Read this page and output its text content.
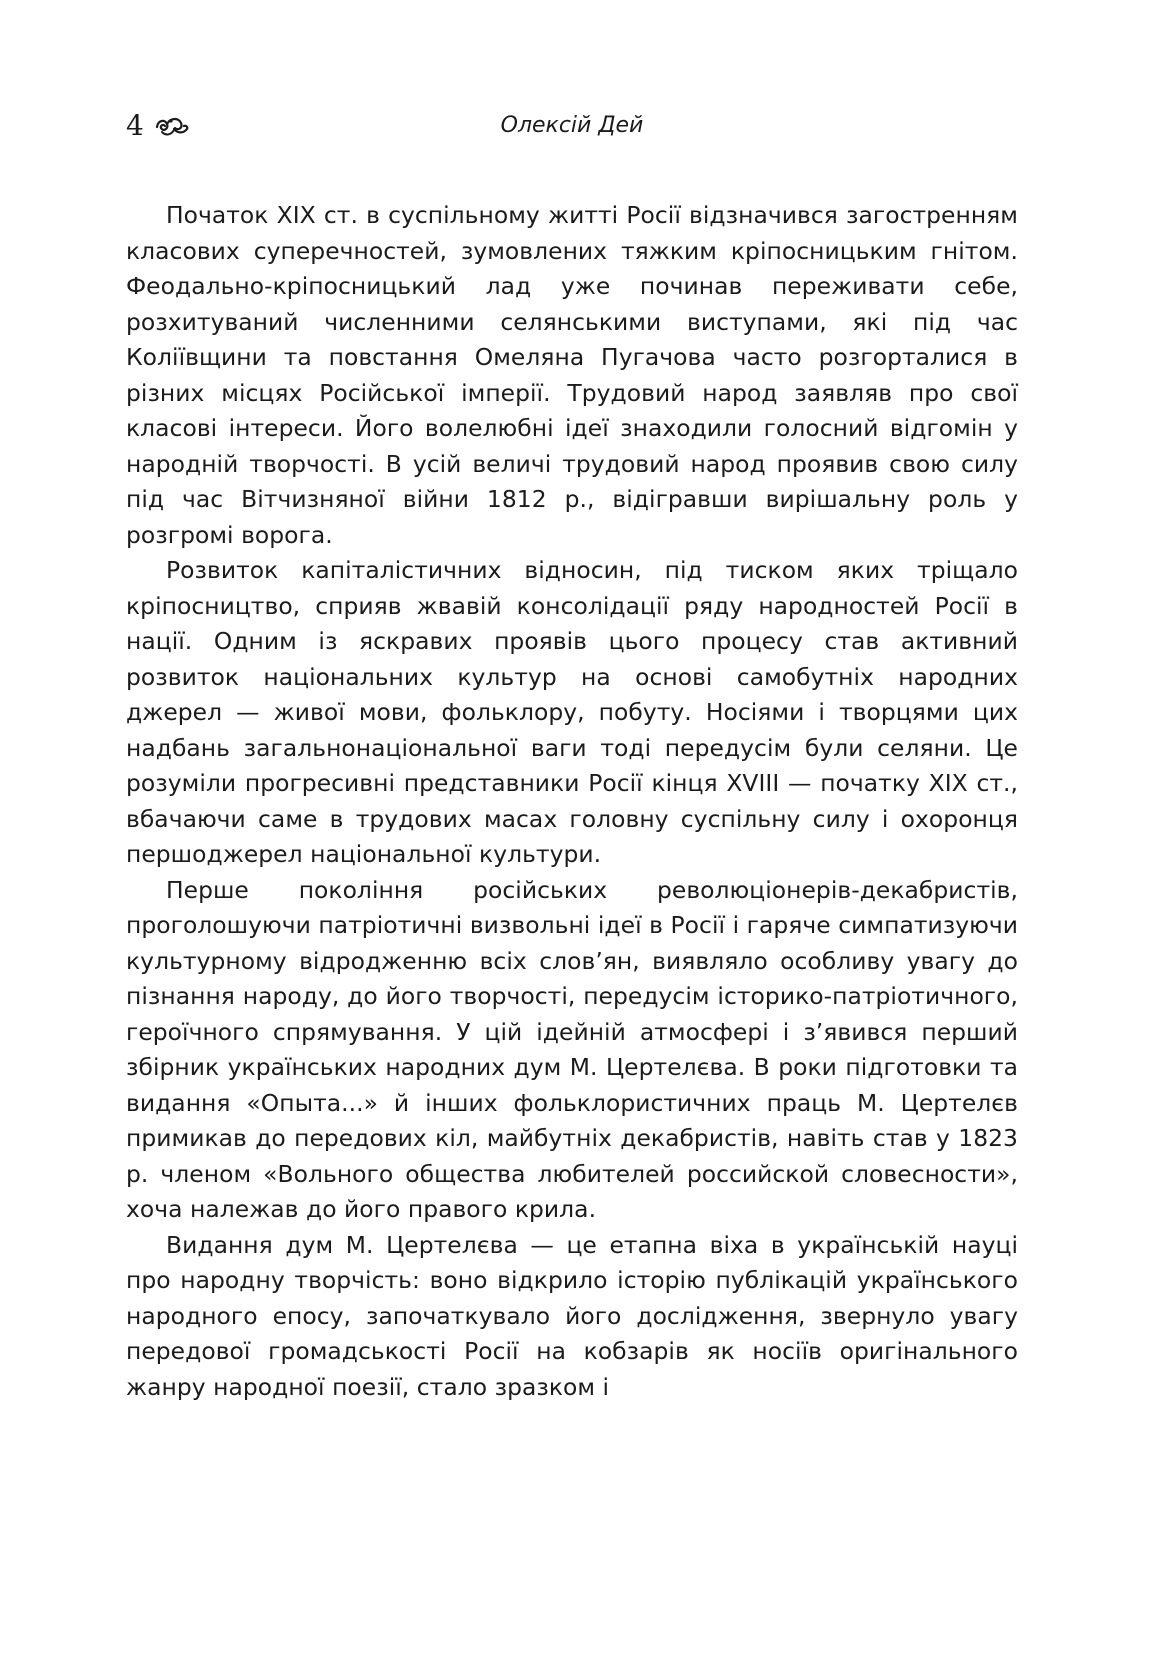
4	Олексій Дей

Початок XIX ст. в суспільному житті Росії відзначився загостренням класових суперечностей, зумовлених тяжким кріпосницьким гнітом. Феодально-кріпосницький лад уже починав переживати себе, розхитуваний численними селянськими виступами, які під час Коліївщини та повстання Омеляна Пугачова часто розгорталися в різних місцях Російської імперії. Трудовий народ заявляв про свої класові інтереси. Його волелюбні ідеї знаходили голосний відгомін у народній творчості. В усій величі трудовий народ проявив свою силу під час Вітчизняної війни 1812 р., відігравши вирішальну роль у розгромі ворога.

Розвиток капіталістичних відносин, під тиском яких тріщало кріпосництво, сприяв жвавій консолідації ряду народностей Росії в нації. Одним із яскравих проявів цього процесу став активний розвиток національних культур на основі самобутніх народних джерел — живої мови, фольклору, побуту. Носіями і творцями цих надбань загальнонаціональної ваги тоді передусім були селяни. Це розуміли прогресивні представники Росії кінця XVIII — початку XIX ст., вбачаючи саме в трудових масах головну суспільну силу і охоронця першоджерел національної культури.

Перше покоління російських революціонерів-декабристів, проголошуючи патріотичні визвольні ідеї в Росії і гаряче симпатизуючи культурному відродженню всіх слов’ян, виявляло особливу увагу до пізнання народу, до його творчості, передусім історико-патріотичного, героїчного спрямування. У цій ідейній атмосфері і з’явився перший збірник українських народних дум М. Цертелєва. В роки підготовки та видання «Опыта...» й інших фольклористичних праць М. Цертелєв примикав до передових кіл, майбутніх декабристів, навіть став у 1823 р. членом «Вольного общества любителей российской словесности», хоча належав до його правого крила.

Видання дум М. Цертелєва — це етапна віха в українській науці про народну творчість: воно відкрило історію публікацій українського народного епосу, започаткувало його дослідження, звернуло увагу передової громадськості Росії на кобзарів як носіїв оригінального жанру народної поезії, стало зразком і
